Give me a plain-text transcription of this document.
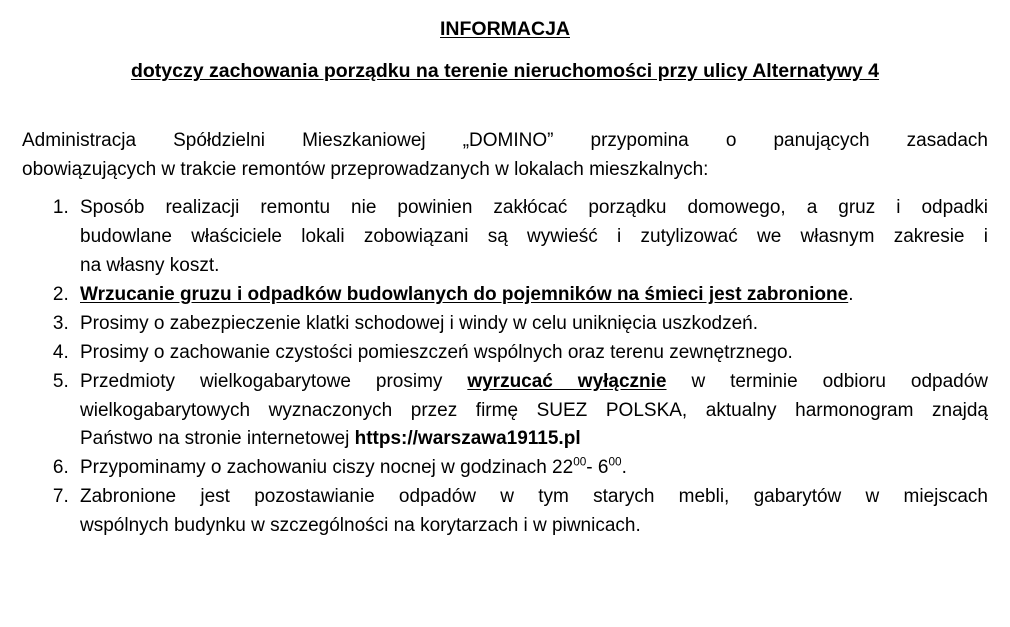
INFORMACJA
dotyczy zachowania porządku na terenie nieruchomości przy ulicy Alternatywy 4

Administracja Spółdzielni Mieszkaniowej „DOMINO” przypomina o panujących zasadach
obowiązujących w trakcie remontów przeprowadzanych w lokalach mieszkalnych:

1. Sposób realizacji remontu nie powinien zakłócać porządku domowego, a gruz i odpadki
budowlane właściciele lokali zobowiązani są wywieść i zutylizować we własnym zakresie i
na własny koszt.
2. Wrzucanie gruzu i odpadków budowlanych do pojemników na śmieci jest zabronione.
3. Prosimy o zabezpieczenie klatki schodowej i windy w celu uniknięcia uszkodzeń.
4. Prosimy o zachowanie czystości pomieszczeń wspólnych oraz terenu zewnętrznego.
5. Przedmioty wielkogabarytowe prosimy wyrzucać wyłącznie w terminie odbioru odpadów
wielkogabarytowych wyznaczonych przez firmę SUEZ POLSKA, aktualny harmonogram znajdą
Państwo na stronie internetowej https://warszawa19115.pl
6. Przypominamy o zachowaniu ciszy nocnej w godzinach $22^{00}-$ $6^{00}$.
7. Zabronione jest pozostawianie odpadów w tym starych mebli, gabarytów w miejscach
wspólnych budynku w szczególności na korytarzach i w piwnicach.
